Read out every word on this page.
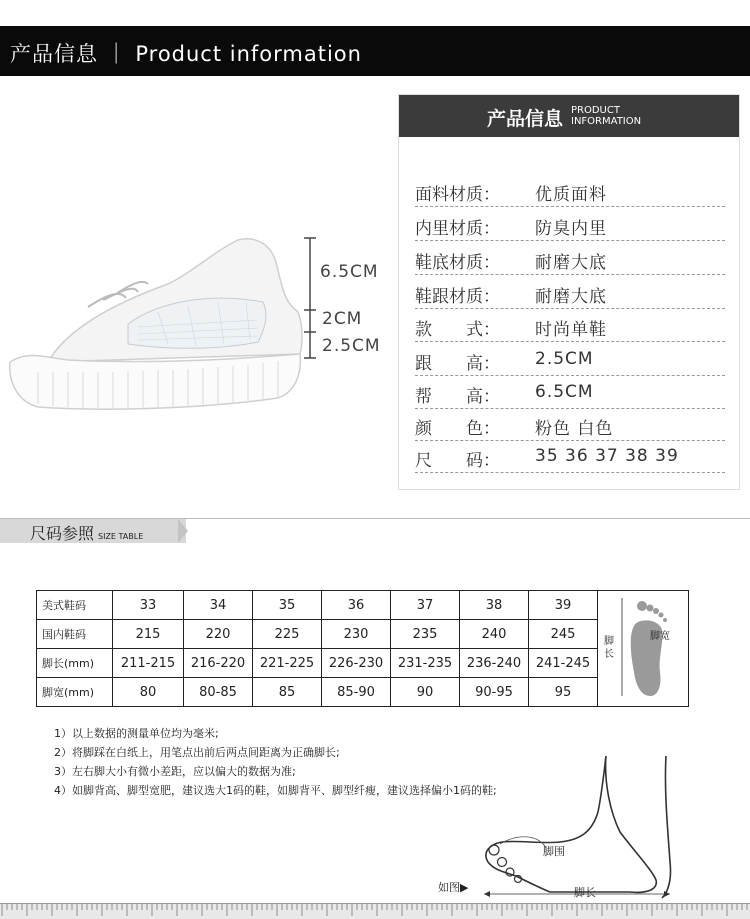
产品信息 ｜ Product information
6.5CM
2CM
2.5CM
产品信息 PRODUCT
INFORMATION
面料材质：	优质面料
内里材质：	防臭内里
鞋底材质：	耐磨大底
鞋跟材质：	耐磨大底
款　　式：	时尚单鞋
跟　　高：	2.5CM
帮　　高：	6.5CM
颜　　色：	粉色 白色
尺　　码：	35 36 37 38 39
尺码参照 SIZE TABLE
美式鞋码	33	34	35	36	37	38	39	脚长
脚宽

国内鞋码	215	220	225	230	235	240	245	
脚长(mm)	211-215	216-220	221-225	226-230	231-235	236-240	241-245	
脚宽(mm)	80	80-85	85	85-90	90	90-95	95	
1）以上数据的测量单位均为毫米;
2）将脚踩在白纸上，用笔点出前后两点间距离为正确脚长;
3）左右脚大小有微小差距，应以偏大的数据为准;
4）如脚背高、脚型宽肥，建议选大1码的鞋，如脚背平、脚型纤瘦，建议选择偏小1码的鞋;
脚围
脚长
如图▶
